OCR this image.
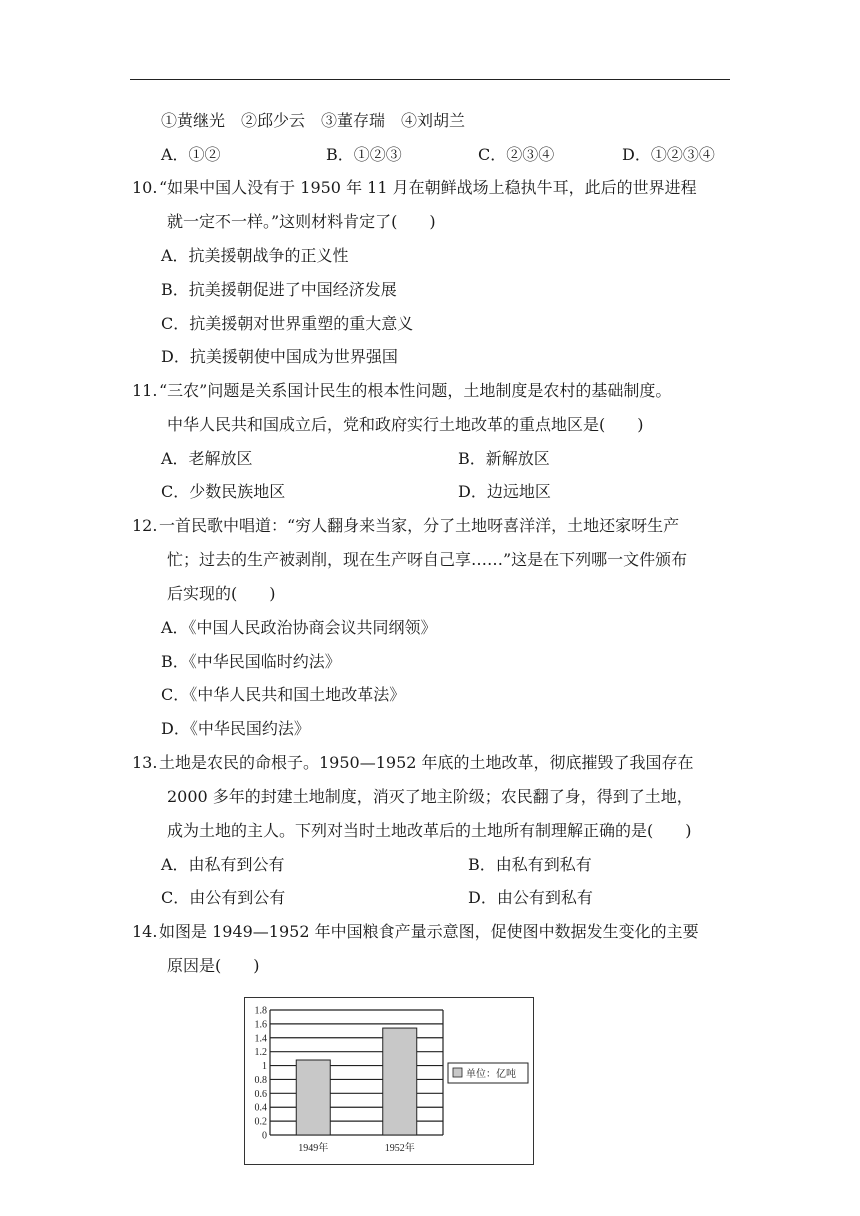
①黄继光　②邱少云　③董存瑞　④刘胡兰
A．①②	B．①②③	C．②③④	D．①②③④
10. “如果中国人没有于 1950 年 11 月在朝鲜战场上稳执牛耳，此后的世界进程
就一定不一样。”这则材料肯定了(　　)
A．抗美援朝战争的正义性
B．抗美援朝促进了中国经济发展
C．抗美援朝对世界重塑的重大意义
D．抗美援朝使中国成为世界强国
11. “三农”问题是关系国计民生的根本性问题，土地制度是农村的基础制度。
中华人民共和国成立后，党和政府实行土地改革的重点地区是(　　)
A．老解放区	B．新解放区
C．少数民族地区	D．边远地区
12. 一首民歌中唱道：“穷人翻身来当家，分了土地呀喜洋洋，土地还家呀生产
忙；过去的生产被剥削，现在生产呀自己享……”这是在下列哪一文件颁布
后实现的(　　)
A．《中国人民政治协商会议共同纲领》
B．《中华民国临时约法》
C．《中华人民共和国土地改革法》
D．《中华民国约法》
13. 土地是农民的命根子。1950—1952 年底的土地改革，彻底摧毁了我国存在
2000 多年的封建土地制度，消灭了地主阶级；农民翻了身，得到了土地，
成为土地的主人。下列对当时土地改革后的土地所有制理解正确的是(　　)
A．由私有到公有	B．由私有到私有
C．由公有到公有	D．由公有到私有
14. 如图是 1949—1952 年中国粮食产量示意图，促使图中数据发生变化的主要
原因是(　　)
0
0.2
0.4
0.6
0.8
1
1.2
1.4
1.6
1.8
1949年	1952年
单位：亿吨
